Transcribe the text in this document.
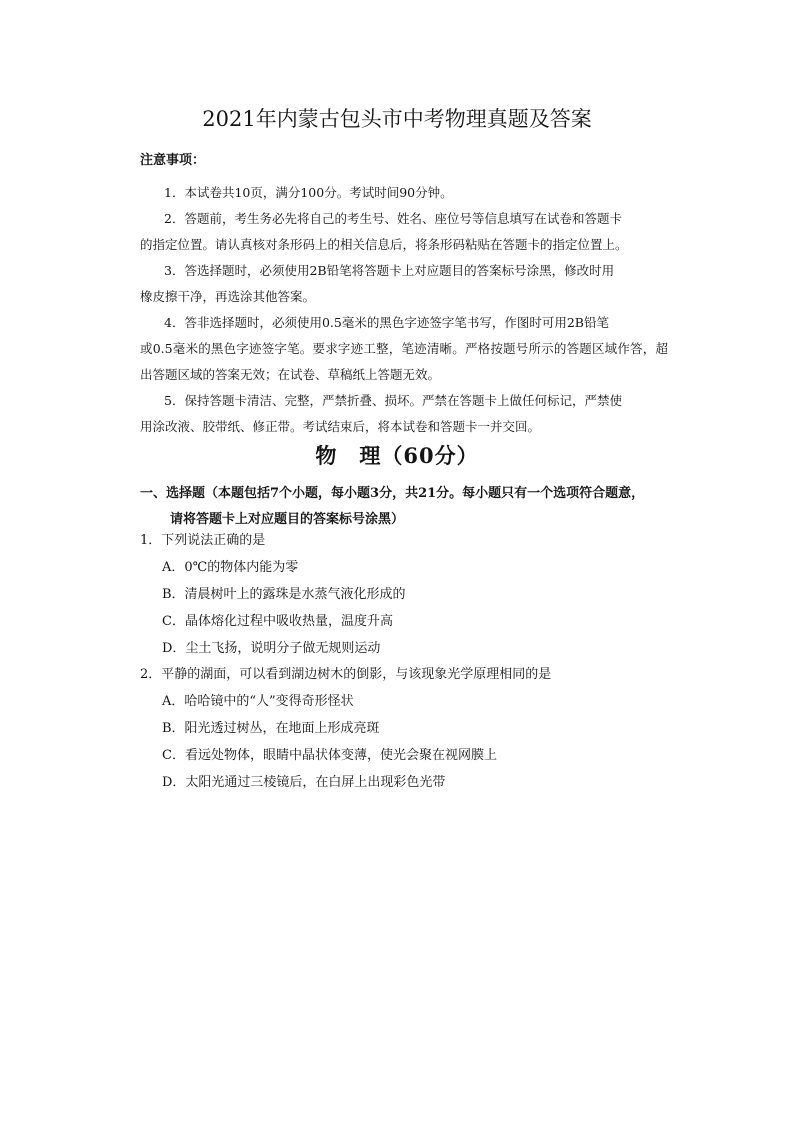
2021年内蒙古包头市中考物理真题及答案
注意事项：
1．本试卷共10页，满分100分。考试时间90分钟。
2．答题前，考生务必先将自己的考生号、姓名、座位号等信息填写在试卷和答题卡
的指定位置。请认真核对条形码上的相关信息后，将条形码粘贴在答题卡的指定位置上。
3．答选择题时，必须使用2B铅笔将答题卡上对应题目的答案标号涂黑，修改时用
橡皮擦干净，再选涂其他答案。
4．答非选择题时，必须使用0.5毫米的黑色字迹签字笔书写，作图时可用2B铅笔
或0.5毫米的黑色字迹签字笔。要求字迹工整，笔迹清晰。严格按题号所示的答题区域作答，超出答题区域的答案无效；在试卷、草稿纸上答题无效。
5．保持答题卡清洁、完整，严禁折叠、损坏。严禁在答题卡上做任何标记，严禁使
用涂改液、胶带纸、修正带。考试结束后，将本试卷和答题卡一并交回。
物　理（60分）
一、选择题（本题包括7个小题，每小题3分，共21分。每小题只有一个选项符合题意，
请将答题卡上对应题目的答案标号涂黑）

1．下列说法正确的是

A．0℃的物体内能为零

B．清晨树叶上的露珠是水蒸气液化形成的

C．晶体熔化过程中吸收热量，温度升高

D．尘土飞扬，说明分子做无规则运动

2．平静的湖面，可以看到湖边树木的倒影，与该现象光学原理相同的是

A．哈哈镜中的“人”变得奇形怪状

B．阳光透过树丛，在地面上形成亮斑

C．看远处物体，眼睛中晶状体变薄，使光会聚在视网膜上

D．太阳光通过三棱镜后，在白屏上出现彩色光带
